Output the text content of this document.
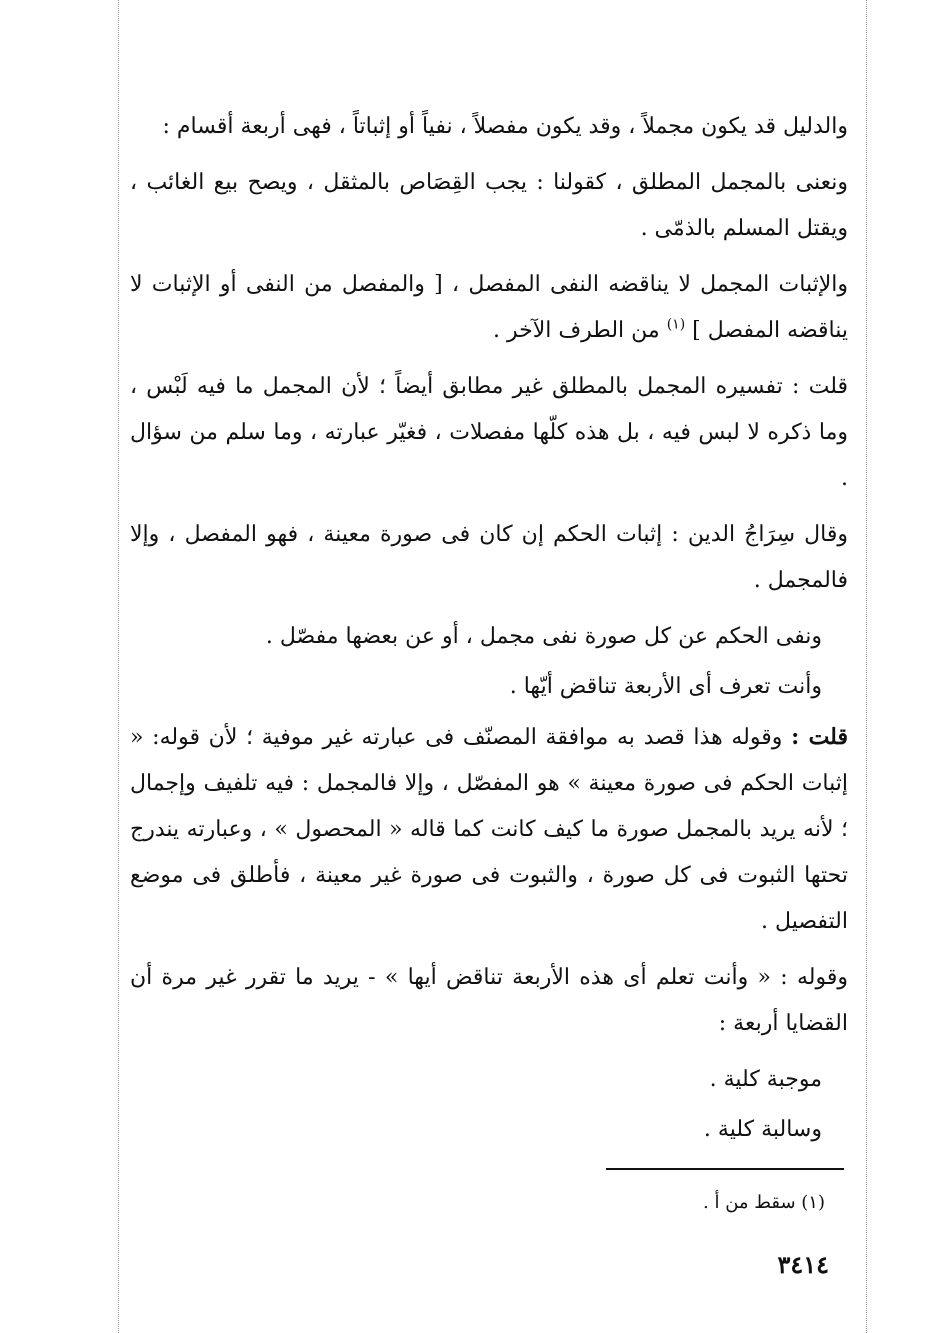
والدليل قد يكون مجملاً ، وقد يكون مفصلاً ، نفياً أو إثباتاً ، فهى أربعة أقسام :

ونعنى بالمجمل المطلق ، كقولنا : يجب القِصَاص بالمثقل ، ويصح بيع الغائب ، ويقتل المسلم بالذمّى .

والإثبات المجمل لا يناقضه النفى المفصل ، [ والمفصل من النفى أو الإثبات لا يناقضه المفصل ] $^{(١)}$ من الطرف الآخر .

قلت : تفسيره المجمل بالمطلق غير مطابق أيضاً ؛ لأن المجمل ما فيه لَبْس ، وما ذكره لا لبس فيه ، بل هذه كلّها مفصلات ، فغيّر عبارته ، وما سلم من سؤال .

وقال سِرَاجُ الدين : إثبات الحكم إن كان فى صورة معينة ، فهو المفصل ، وإلا فالمجمل .

ونفى الحكم عن كل صورة نفى مجمل ، أو عن بعضها مفصّل .

وأنت تعرف أى الأربعة تناقض أيّها .

قلت : وقوله هذا قصد به موافقة المصنّف فى عبارته غير موفية ؛ لأن قوله: « إثبات الحكم فى صورة معينة » هو المفصّل ، وإلا فالمجمل : فيه تلفيف وإجمال ؛ لأنه يريد بالمجمل صورة ما كيف كانت كما قاله « المحصول » ، وعبارته يندرج تحتها الثبوت فى كل صورة ، والثبوت فى صورة غير معينة ، فأطلق فى موضع التفصيل .

وقوله : « وأنت تعلم أى هذه الأربعة تناقض أيها » - يريد ما تقرر غير مرة أن القضايا أربعة :

موجبة كلية .

وسالبة كلية .

(١) سقط من أ .
٣٤١٤
